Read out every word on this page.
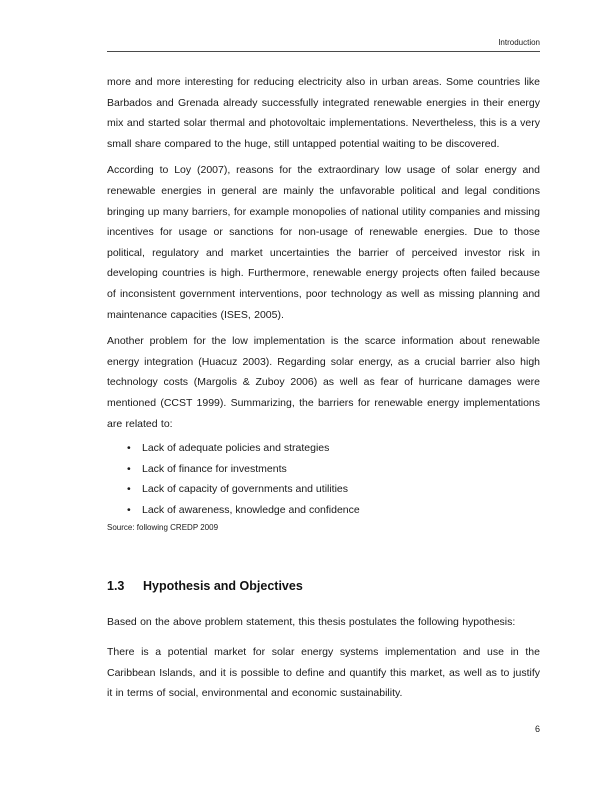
Introduction

more and more interesting for reducing electricity also in urban areas. Some countries like Barbados and Grenada already successfully integrated renewable energies in their energy mix and started solar thermal and photovoltaic implementations. Nevertheless, this is a very small share compared to the huge, still untapped potential waiting to be discovered.

According to Loy (2007), reasons for the extraordinary low usage of solar energy and renewable energies in general are mainly the unfavorable political and legal conditions bringing up many barriers, for example monopolies of national utility companies and missing incentives for usage or sanctions for non-usage of renewable energies. Due to those political, regulatory and market uncertainties the barrier of perceived investor risk in developing countries is high. Furthermore, renewable energy projects often failed because of inconsistent government interventions, poor technology as well as missing planning and maintenance capacities (ISES, 2005).

Another problem for the low implementation is the scarce information about renewable energy integration (Huacuz 2003). Regarding solar energy, as a crucial barrier also high technology costs (Margolis & Zuboy 2006) as well as fear of hurricane damages were mentioned (CCST 1999). Summarizing, the barriers for renewable energy implementations are related to:

• Lack of adequate policies and strategies
• Lack of finance for investments
• Lack of capacity of governments and utilities
• Lack of awareness, knowledge and confidence
Source: following CREDP 2009
1.3 Hypothesis and Objectives

Based on the above problem statement, this thesis postulates the following hypothesis:

There is a potential market for solar energy systems implementation and use in the Caribbean Islands, and it is possible to define and quantify this market, as well as to justify it in terms of social, environmental and economic sustainability.

6
